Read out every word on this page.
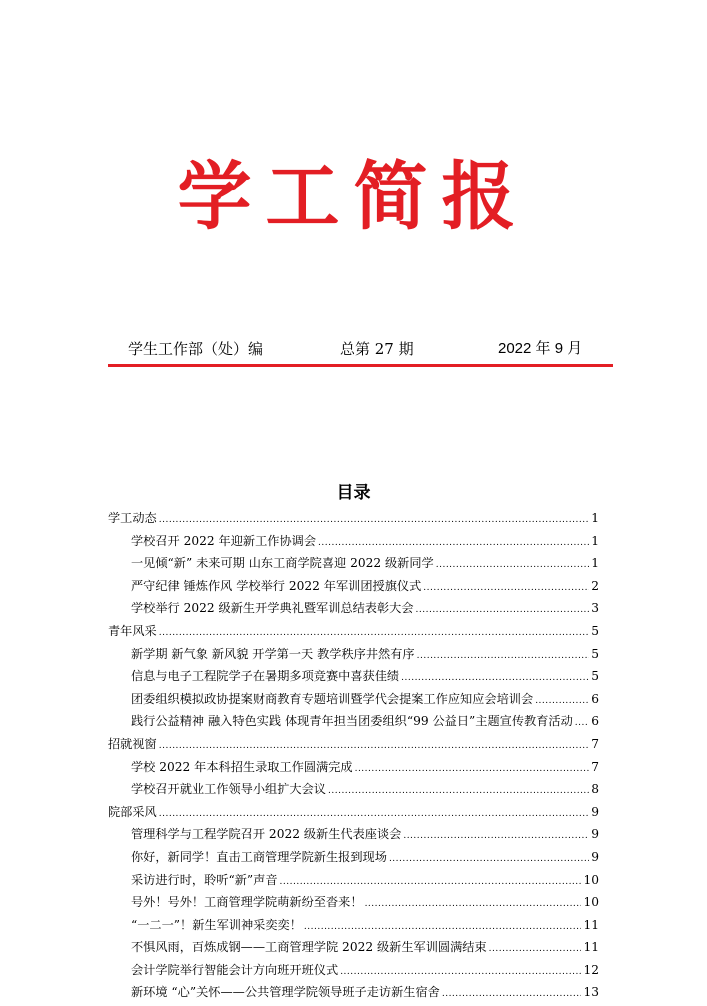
学工简报
学生工作部（处）编	总第 27 期	2022 年 9 月
目录
学工动态 .....	1
学校召开 2022 年迎新工作协调会 .....	1
一见倾“新” 未来可期 山东工商学院喜迎 2022 级新同学 .....	1
严守纪律 锤炼作风 学校举行 2022 年军训团授旗仪式 .....	2
学校举行 2022 级新生开学典礼暨军训总结表彰大会 .....	3
青年风采 .....	5
新学期 新气象 新风貌 开学第一天 教学秩序井然有序 .....	5
信息与电子工程院学子在暑期多项竞赛中喜获佳绩 .....	5
团委组织模拟政协提案财商教育专题培训暨学代会提案工作应知应会培训会 .....	6
践行公益精神 融入特色实践 体现青年担当团委组织“99 公益日”主题宣传教育活动 ..... 6
招就视窗 .....	7
学校 2022 年本科招生录取工作圆满完成 .....	7
学校召开就业工作领导小组扩大会议 .....	8
院部采风 .....	9
管理科学与工程学院召开 2022 级新生代表座谈会 .....	9
你好，新同学！直击工商管理学院新生报到现场 .....	9
采访进行时，聆听“新”声音 .....	10
号外！号外！工商管理学院萌新纷至沓来！ .....	10
“一二一”！新生军训神采奕奕！ .....	11
不惧风雨，百炼成钢——工商管理学院 2022 级新生军训圆满结束 .....	11
会计学院举行智能会计方向班开班仪式 .....	12
新环境 “心”关怀——公共管理学院领导班子走访新生宿舍 .....	13
